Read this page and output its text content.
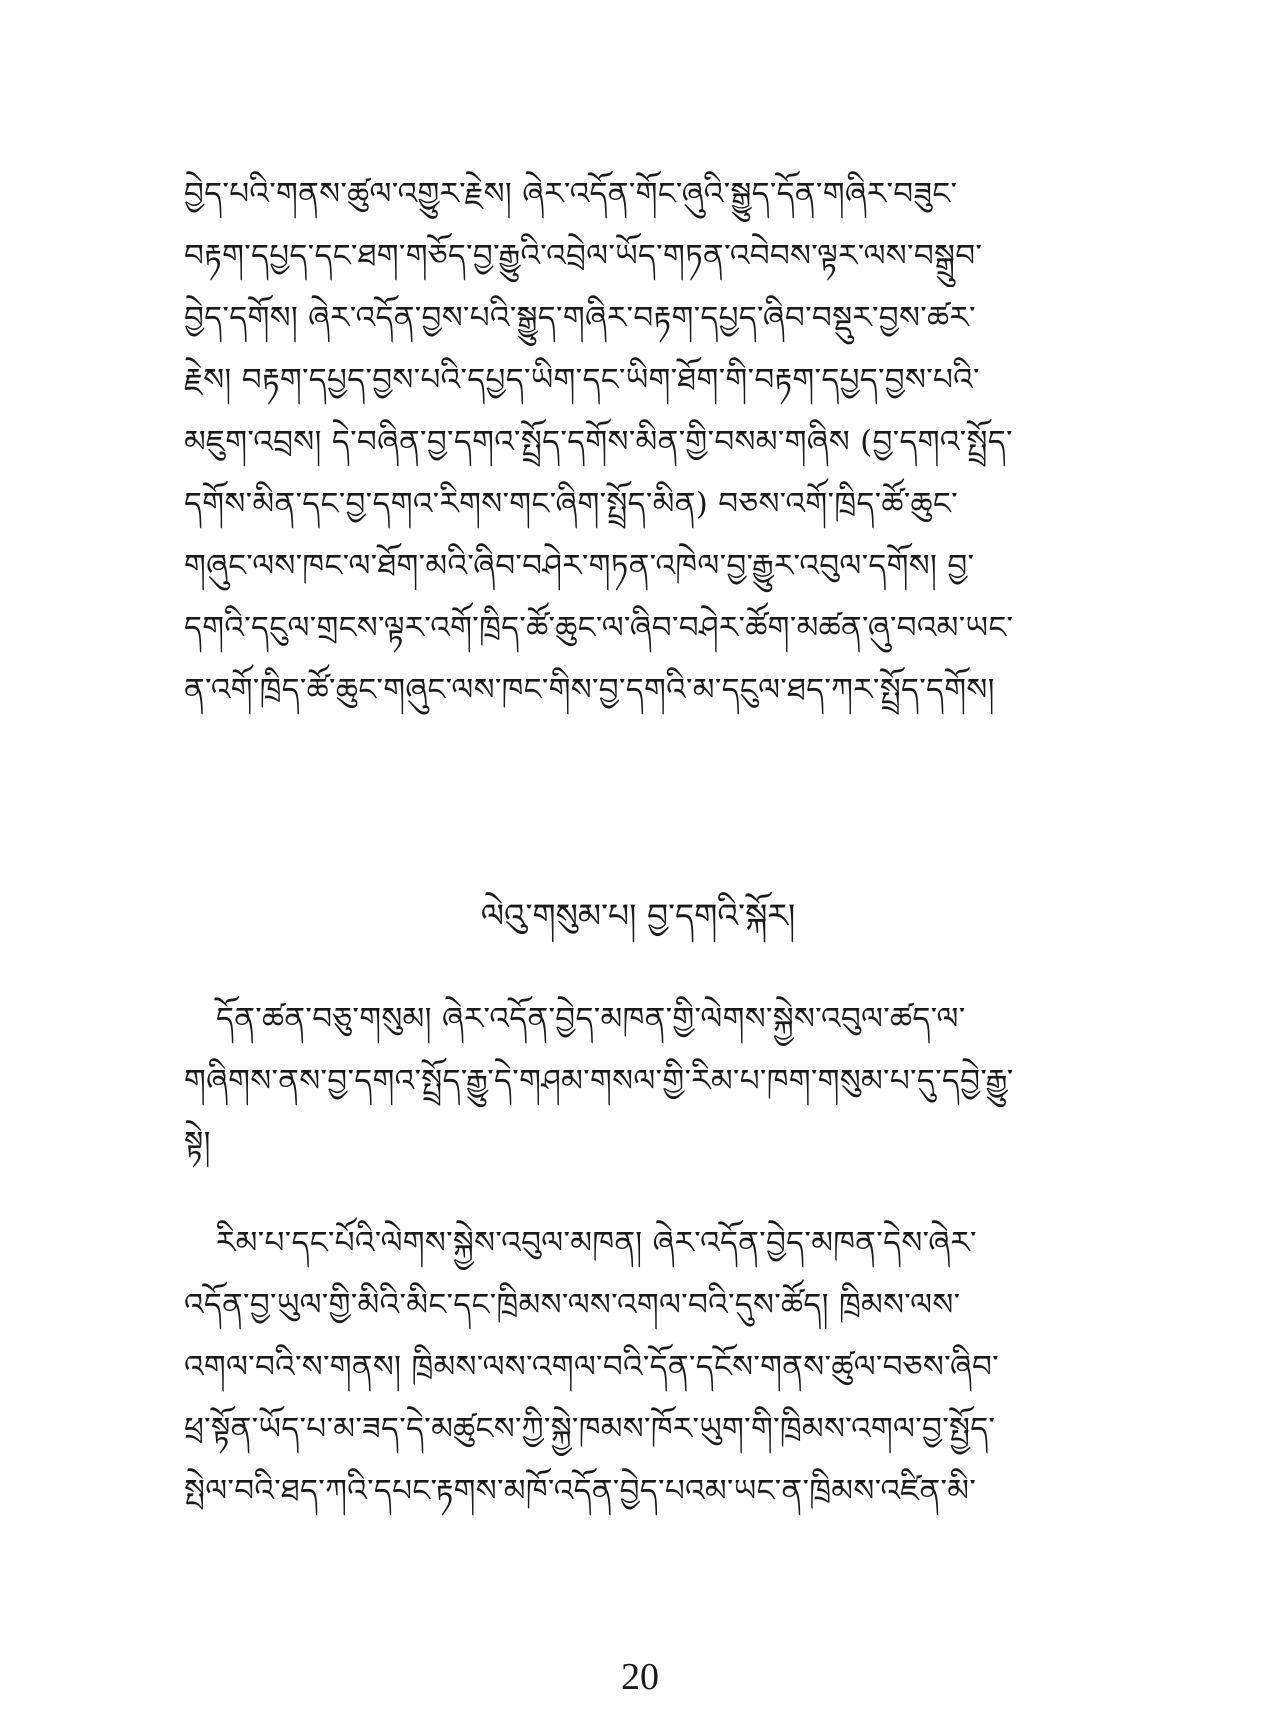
བྱེད་པའི་གནས་ཚུལ་འགྱུར་རྗེས། ཞེར་འདོན་གོང་ཞུའི་སྒྱུད་དོན་གཞིར་བཟུང་
བརྟག་དཔྱད་དང་ཐག་གཅོད་བྱ་རྒྱུའི་འབྲེལ་ཡོད་གཏན་འབེབས་ལྟར་ལས་བསྒྲུབ་
བྱེད་དགོས། ཞེར་འདོན་བྱས་པའི་སྒྱུད་གཞིར་བརྟག་དཔྱད་ཞིབ་བསྡུར་བྱས་ཚར་
རྗེས། བརྟག་དཔྱད་བྱས་པའི་དཔྱད་ཡིག་དང་ཡིག་ཐོག་གི་བརྟག་དཔྱད་བྱས་པའི་
མཇུག་འབྲས། དེ་བཞིན་བྱ་དགའ་སྤྲོད་དགོས་མིན་གྱི་བསམ་གཞིས (བྱ་དགའ་སྤྲོད་
དགོས་མིན་དང་བྱ་དགའ་རིགས་གང་ཞིག་སྤྲོད་མིན) བཅས་འགོ་ཁྲིད་ཚོ་ཆུང་
གཞུང་ལས་ཁང་ལ་ཐོག་མའི་ཞིབ་བཤེར་གཏན་འཁེལ་བྱ་རྒྱུར་འབུལ་དགོས། བྱ་
དགའི་དངུལ་གྲངས་ལྟར་འགོ་ཁྲིད་ཚོ་ཆུང་ལ་ཞིབ་བཤེར་ཚོག་མཚན་ཞུ་བའམ་ཡང་
ན་འགོ་ཁྲིད་ཚོ་ཆུང་གཞུང་ལས་ཁང་གིས་བྱ་དགའི་མ་དངུལ་ཐད་ཀར་སྤྲོད་དགོས།
ལེའུ་གསུམ་པ། བྱ་དགའི་སྐོར།
དོན་ཚན་བཅུ་གསུམ། ཞེར་འདོན་བྱེད་མཁན་གྱི་ལེགས་སྐྱེས་འབུལ་ཚད་ལ་
གཞིགས་ནས་བྱ་དགའ་སྤྲོད་རྒྱུ་དེ་གཤམ་གསལ་གྱི་རིམ་པ་ཁག་གསུམ་པ་དུ་དབྱེ་རྒྱུ་
སྟེ།
རིམ་པ་དང་པོའི་ལེགས་སྐྱེས་འབུལ་མཁན། ཞེར་འདོན་བྱེད་མཁན་དེས་ཞེར་
འདོན་བྱ་ཡུལ་གྱི་མིའི་མིང་དང་ཁྲིམས་ལས་འགལ་བའི་དུས་ཚོད། ཁྲིམས་ལས་
འགལ་བའི་ས་གནས། ཁྲིམས་ལས་འགལ་བའི་དོན་དངོས་གནས་ཚུལ་བཅས་ཞིབ་
ཕྲ་སྟོན་ཡོད་པ་མ་ཟད་དེ་མཚུངས་ཀྱི་སྐྱེ་ཁམས་ཁོར་ཡུག་གི་ཁྲིམས་འགལ་བྱ་སྤྱོད་
སྤེལ་བའི་ཐད་ཀའི་དཔང་རྟགས་མཁོ་འདོན་བྱེད་པའམ་ཡང་ན་ཁྲིམས་འཛིན་མི་
20
